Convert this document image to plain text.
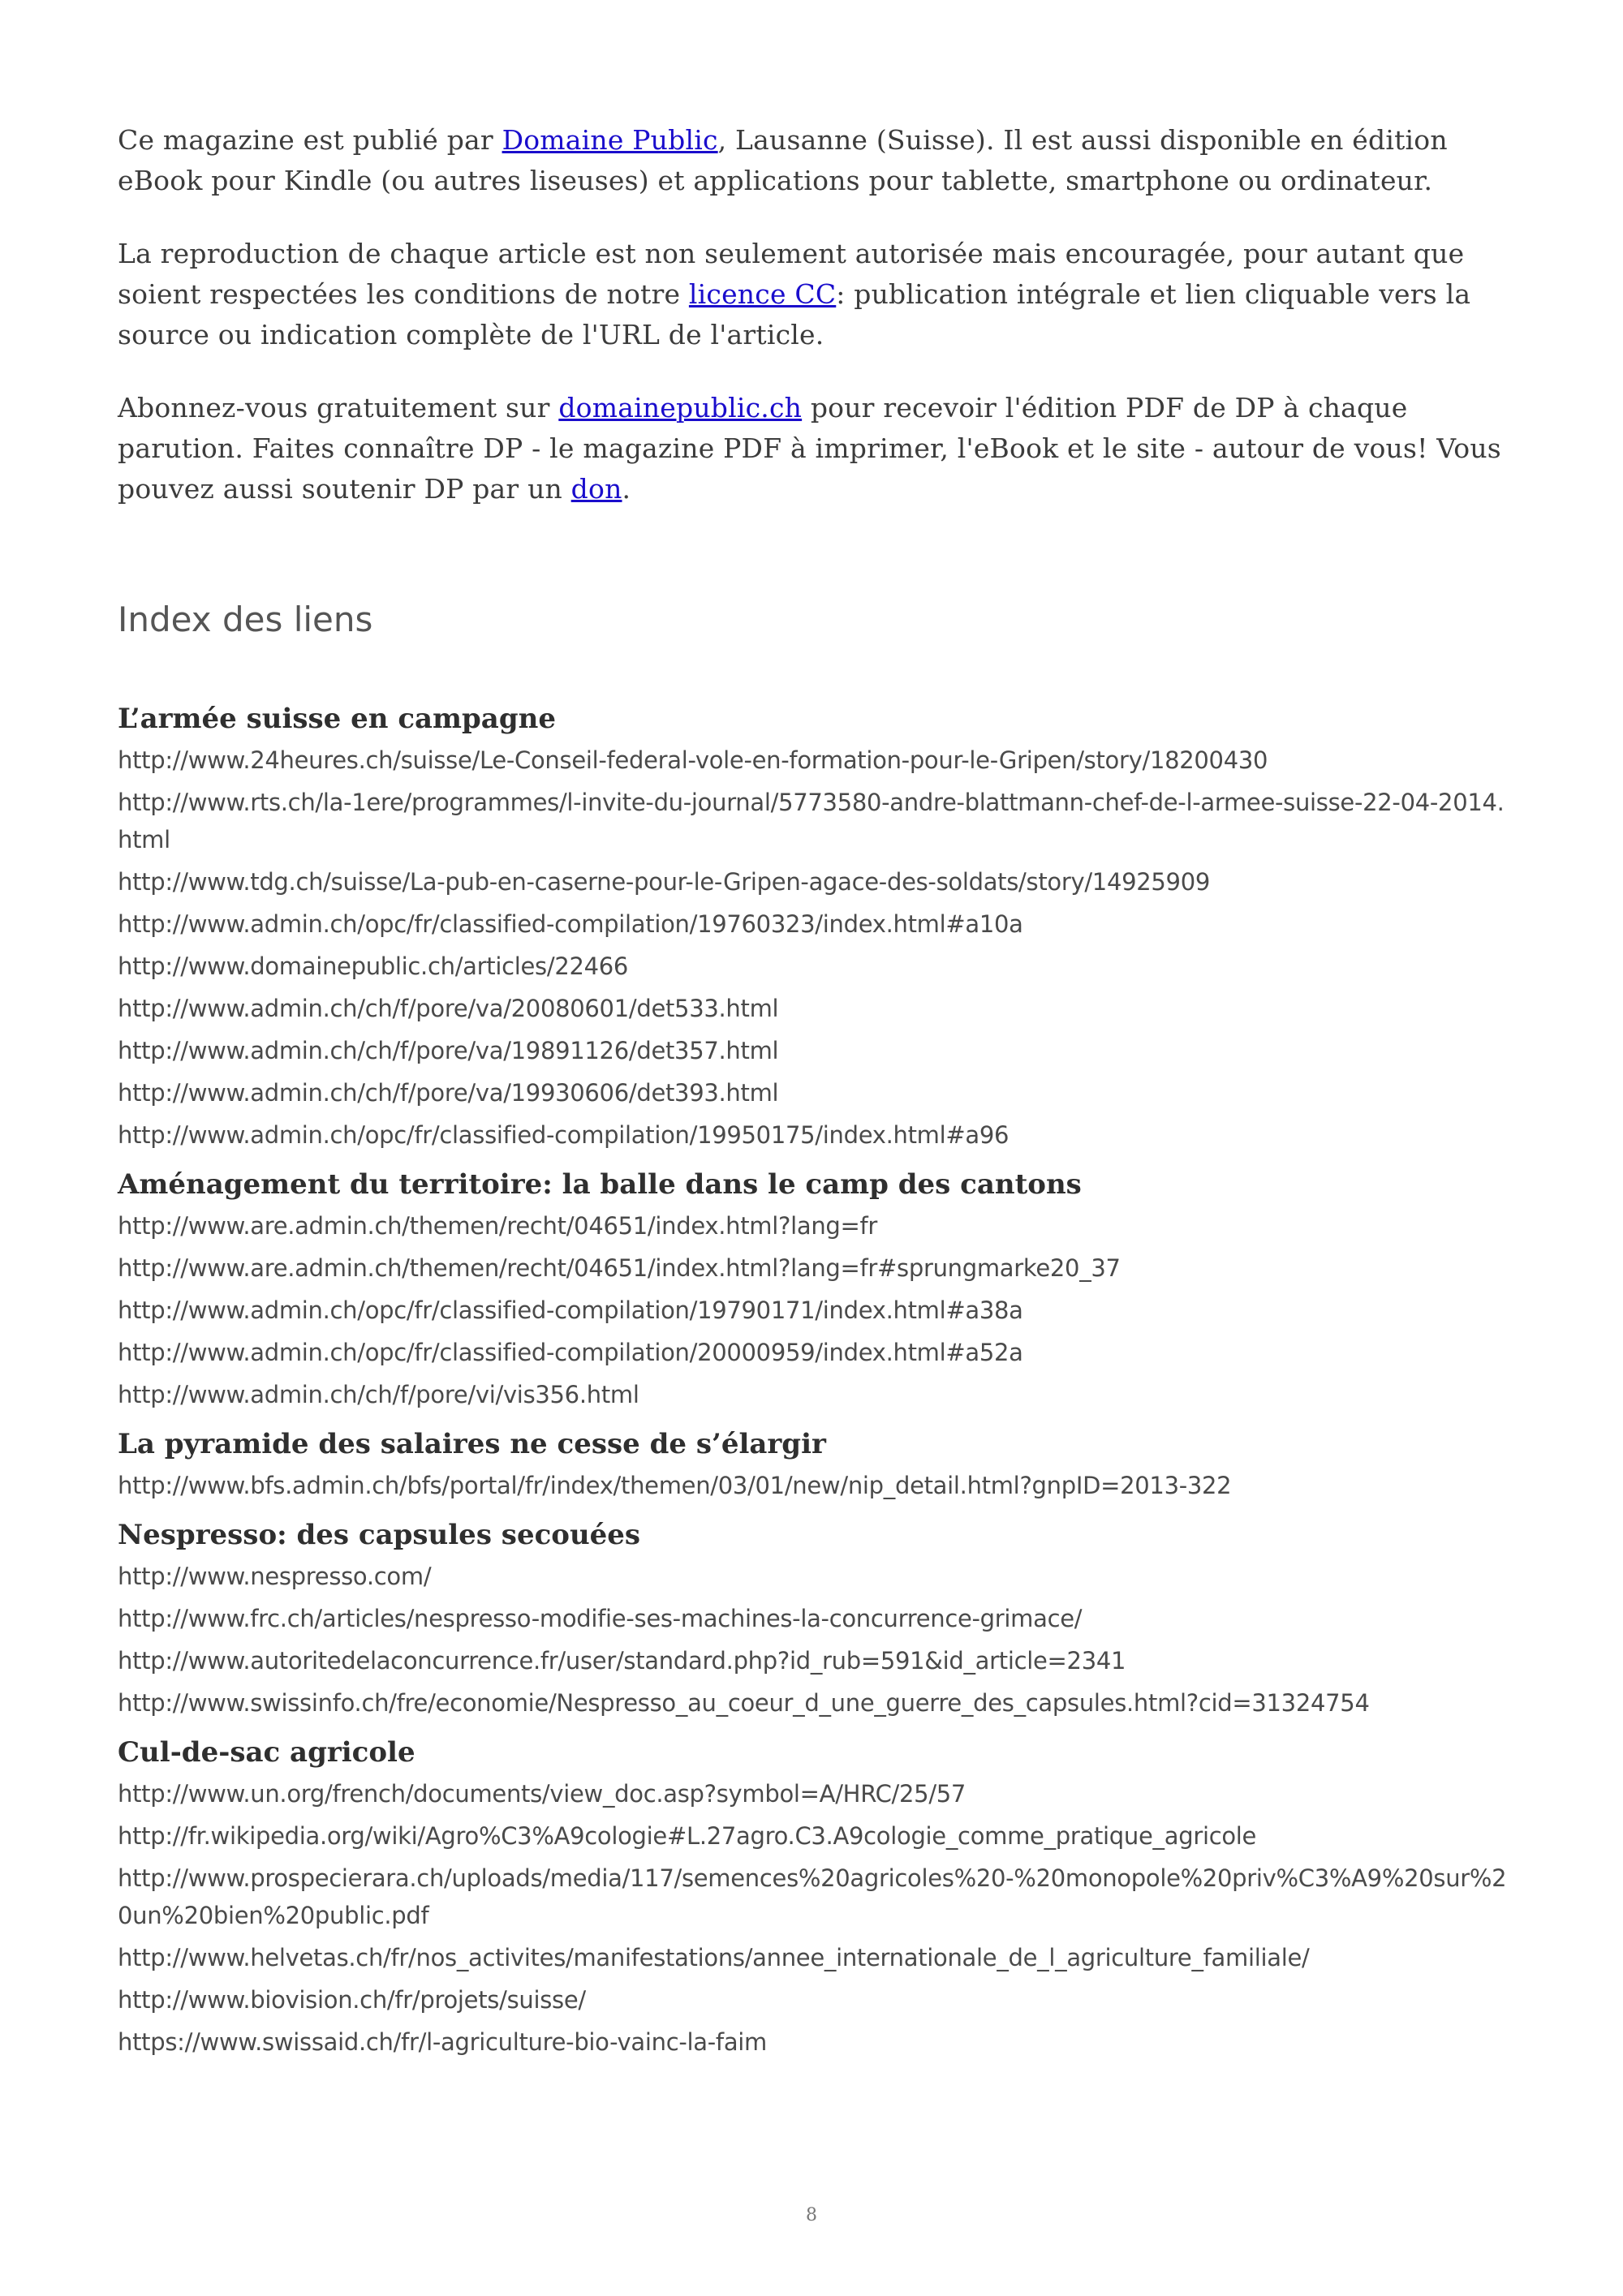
Ce magazine est publié par Domaine Public, Lausanne (Suisse). Il est aussi disponible en édition eBook pour Kindle (ou autres liseuses) et applications pour tablette, smartphone ou ordinateur.

La reproduction de chaque article est non seulement autorisée mais encouragée, pour autant que soient respectées les conditions de notre licence CC: publication intégrale et lien cliquable vers la source ou indication complète de l'URL de l'article.

Abonnez-vous gratuitement sur domainepublic.ch pour recevoir l'édition PDF de DP à chaque parution. Faites connaître DP - le magazine PDF à imprimer, l'eBook et le site - autour de vous! Vous pouvez aussi soutenir DP par un don.

Index des liens
L’armée suisse en campagne
http://www.24heures.ch/suisse/Le-Conseil-federal-vole-en-formation-pour-le-Gripen/story/18200430
http://www.rts.ch/la-1ere/programmes/l-invite-du-journal/5773580-andre-blattmann-chef-de-l-armee-suisse-22-04-2014.html
http://www.tdg.ch/suisse/La-pub-en-caserne-pour-le-Gripen-agace-des-soldats/story/14925909
http://www.admin.ch/opc/fr/classified-compilation/19760323/index.html#a10a
http://www.domainepublic.ch/articles/22466
http://www.admin.ch/ch/f/pore/va/20080601/det533.html
http://www.admin.ch/ch/f/pore/va/19891126/det357.html
http://www.admin.ch/ch/f/pore/va/19930606/det393.html
http://www.admin.ch/opc/fr/classified-compilation/19950175/index.html#a96
Aménagement du territoire: la balle dans le camp des cantons
http://www.are.admin.ch/themen/recht/04651/index.html?lang=fr
http://www.are.admin.ch/themen/recht/04651/index.html?lang=fr#sprungmarke20_37
http://www.admin.ch/opc/fr/classified-compilation/19790171/index.html#a38a
http://www.admin.ch/opc/fr/classified-compilation/20000959/index.html#a52a
http://www.admin.ch/ch/f/pore/vi/vis356.html
La pyramide des salaires ne cesse de s’élargir
http://www.bfs.admin.ch/bfs/portal/fr/index/themen/03/01/new/nip_detail.html?gnpID=2013-322
Nespresso: des capsules secouées
http://www.nespresso.com/
http://www.frc.ch/articles/nespresso-modifie-ses-machines-la-concurrence-grimace/
http://www.autoritedelaconcurrence.fr/user/standard.php?id_rub=591&id_article=2341
http://www.swissinfo.ch/fre/economie/Nespresso_au_coeur_d_une_guerre_des_capsules.html?cid=31324754
Cul-de-sac agricole
http://www.un.org/french/documents/view_doc.asp?symbol=A/HRC/25/57
http://fr.wikipedia.org/wiki/Agro%C3%A9cologie#L.27agro.C3.A9cologie_comme_pratique_agricole
http://www.prospecierara.ch/uploads/media/117/semences%20agricoles%20-%20monopole%20priv%C3%A9%20sur%20un%20bien%20public.pdf
http://www.helvetas.ch/fr/nos_activites/manifestations/annee_internationale_de_l_agriculture_familiale/
http://www.biovision.ch/fr/projets/suisse/
https://www.swissaid.ch/fr/l-agriculture-bio-vainc-la-faim
8
